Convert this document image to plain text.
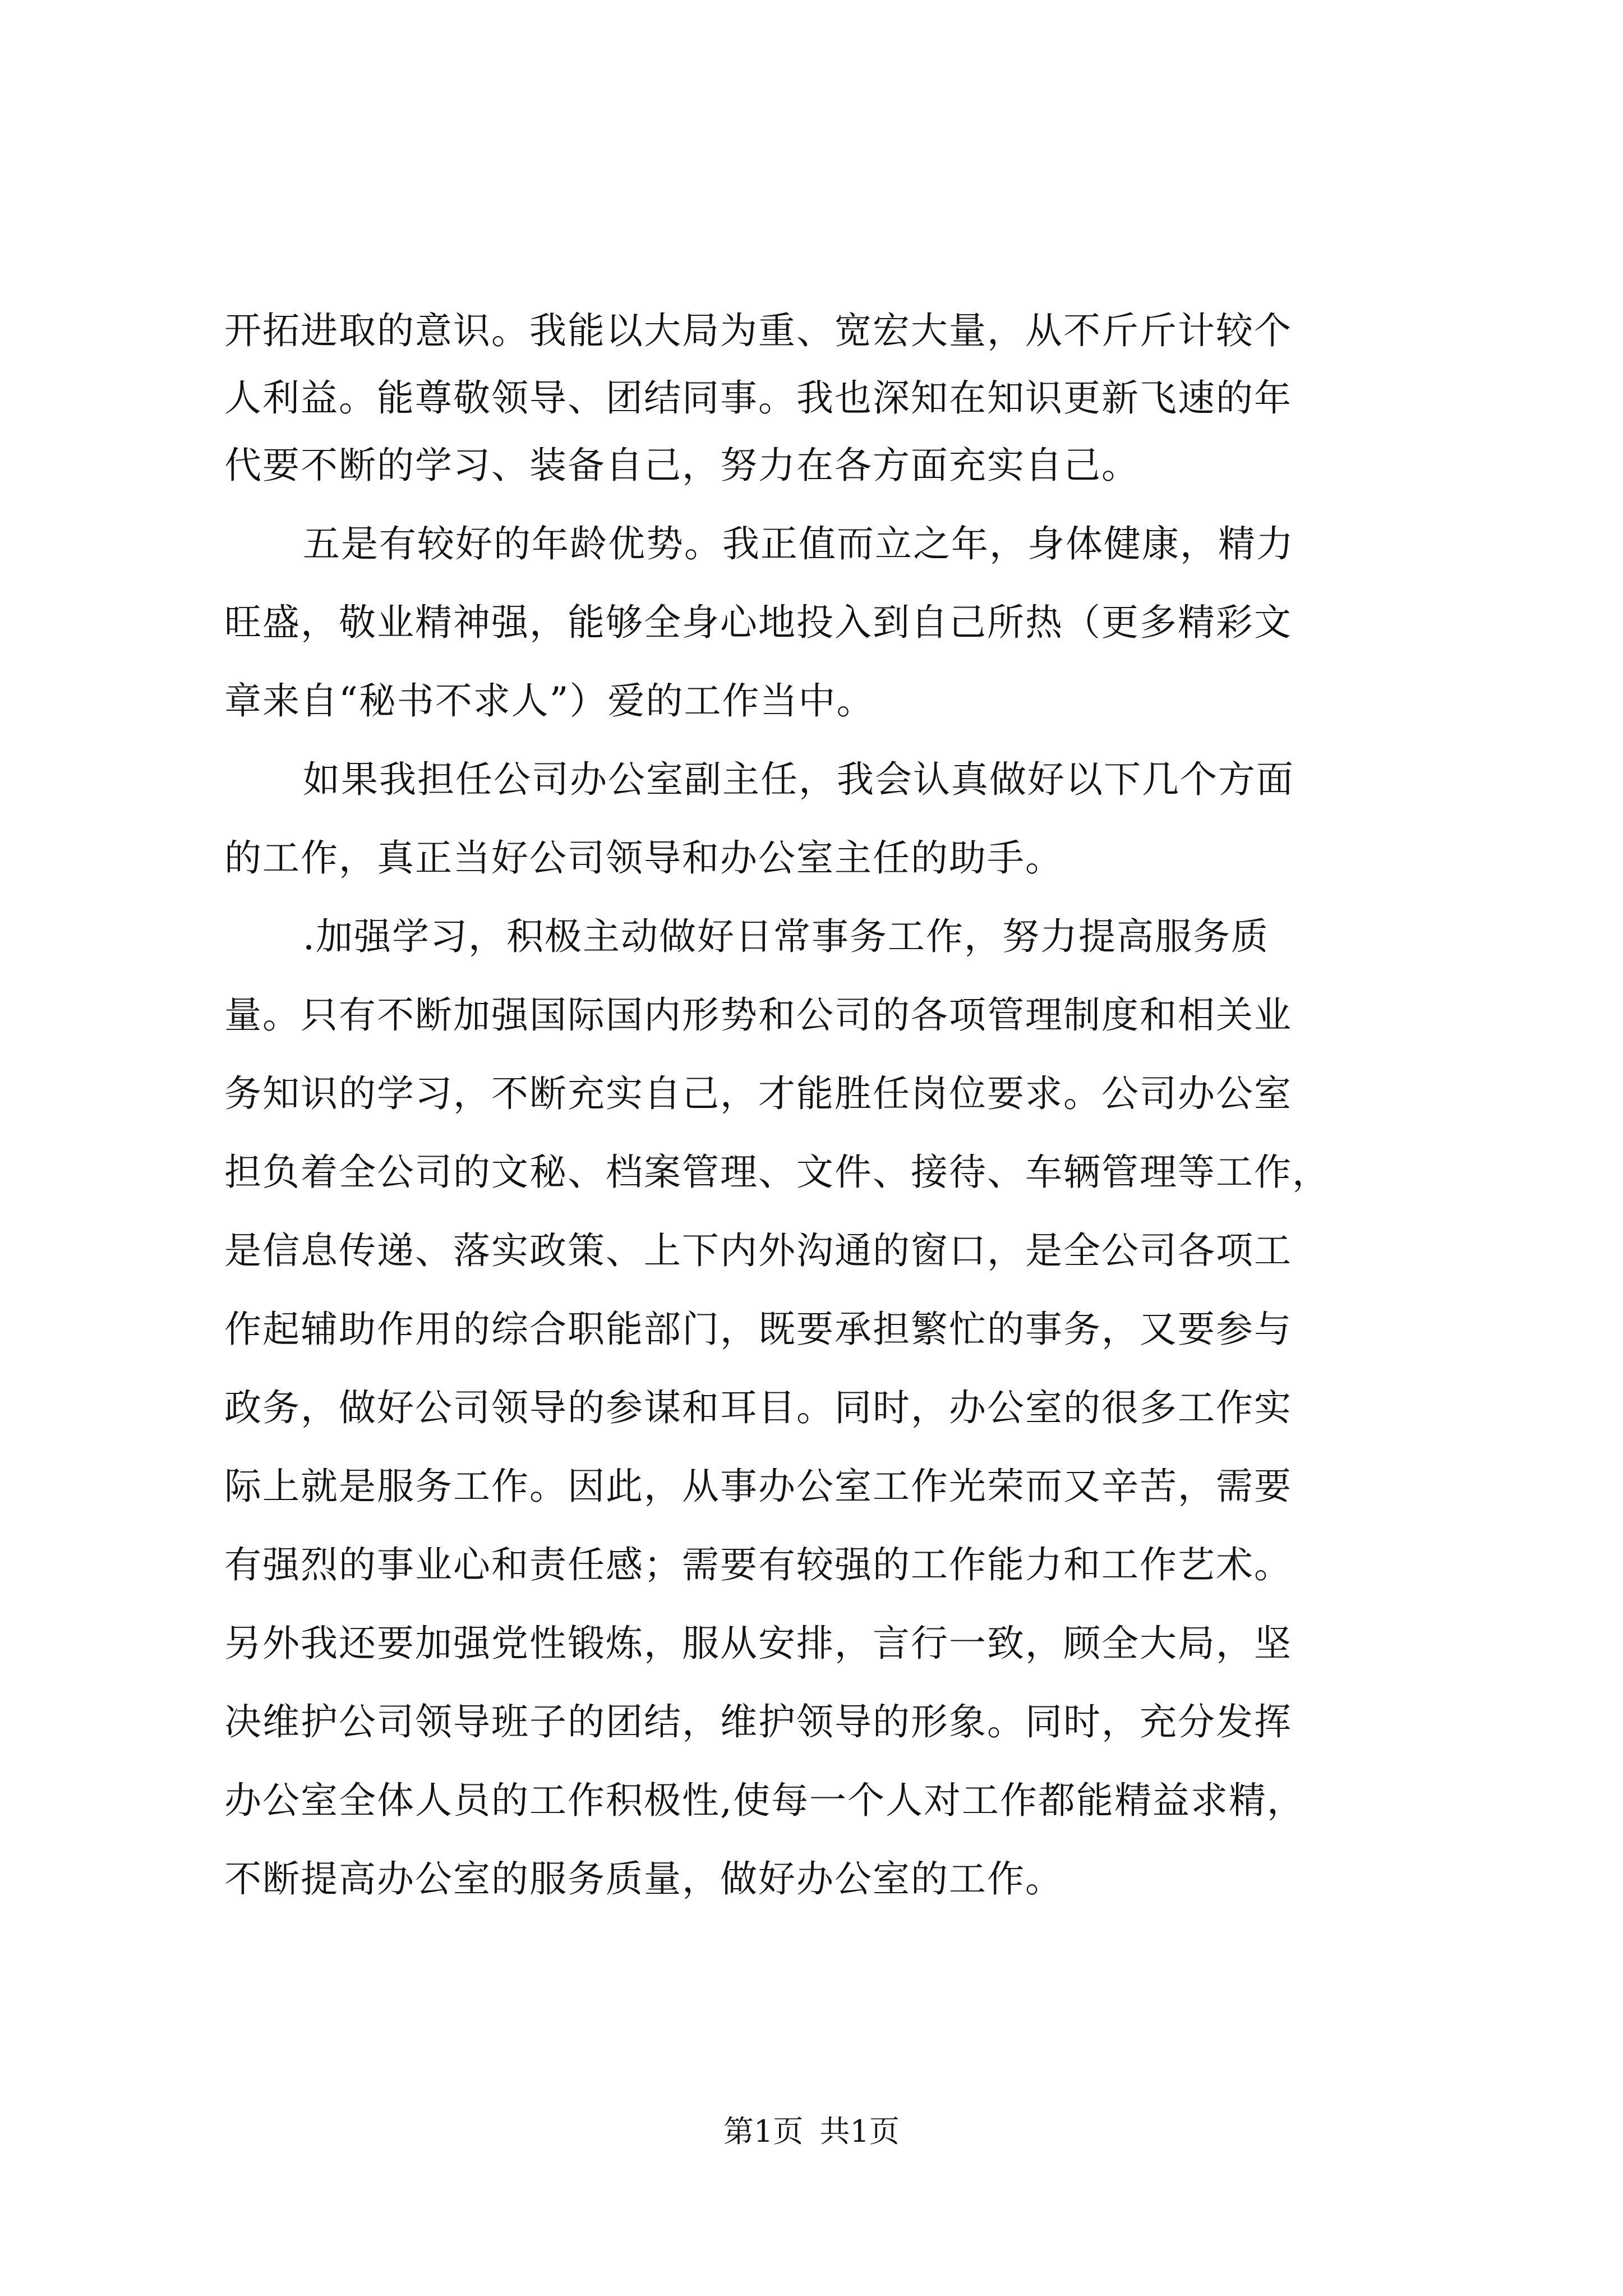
开拓进取的意识。我能以大局为重、宽宏大量，从不斤斤计较个
人利益。能尊敬领导、团结同事。我也深知在知识更新飞速的年
代要不断的学习、装备自己，努力在各方面充实自己。
五是有较好的年龄优势。我正值而立之年，身体健康，精力
旺盛，敬业精神强，能够全身心地投入到自己所热（更多精彩文
章来自“秘书不求人”）爱的工作当中。
如果我担任公司办公室副主任，我会认真做好以下几个方面
的工作，真正当好公司领导和办公室主任的助手。
.加强学习，积极主动做好日常事务工作，努力提高服务质
量。只有不断加强国际国内形势和公司的各项管理制度和相关业
务知识的学习，不断充实自己，才能胜任岗位要求。公司办公室
担负着全公司的文秘、档案管理、文件、接待、车辆管理等工作，
是信息传递、落实政策、上下内外沟通的窗口，是全公司各项工
作起辅助作用的综合职能部门，既要承担繁忙的事务，又要参与
政务，做好公司领导的参谋和耳目。同时，办公室的很多工作实
际上就是服务工作。因此，从事办公室工作光荣而又辛苦，需要
有强烈的事业心和责任感；需要有较强的工作能力和工作艺术。
另外我还要加强党性锻炼，服从安排，言行一致，顾全大局，坚
决维护公司领导班子的团结，维护领导的形象。同时，充分发挥
办公室全体人员的工作积极性,使每一个人对工作都能精益求精，
不断提高办公室的服务质量，做好办公室的工作。
第1页 共1页
